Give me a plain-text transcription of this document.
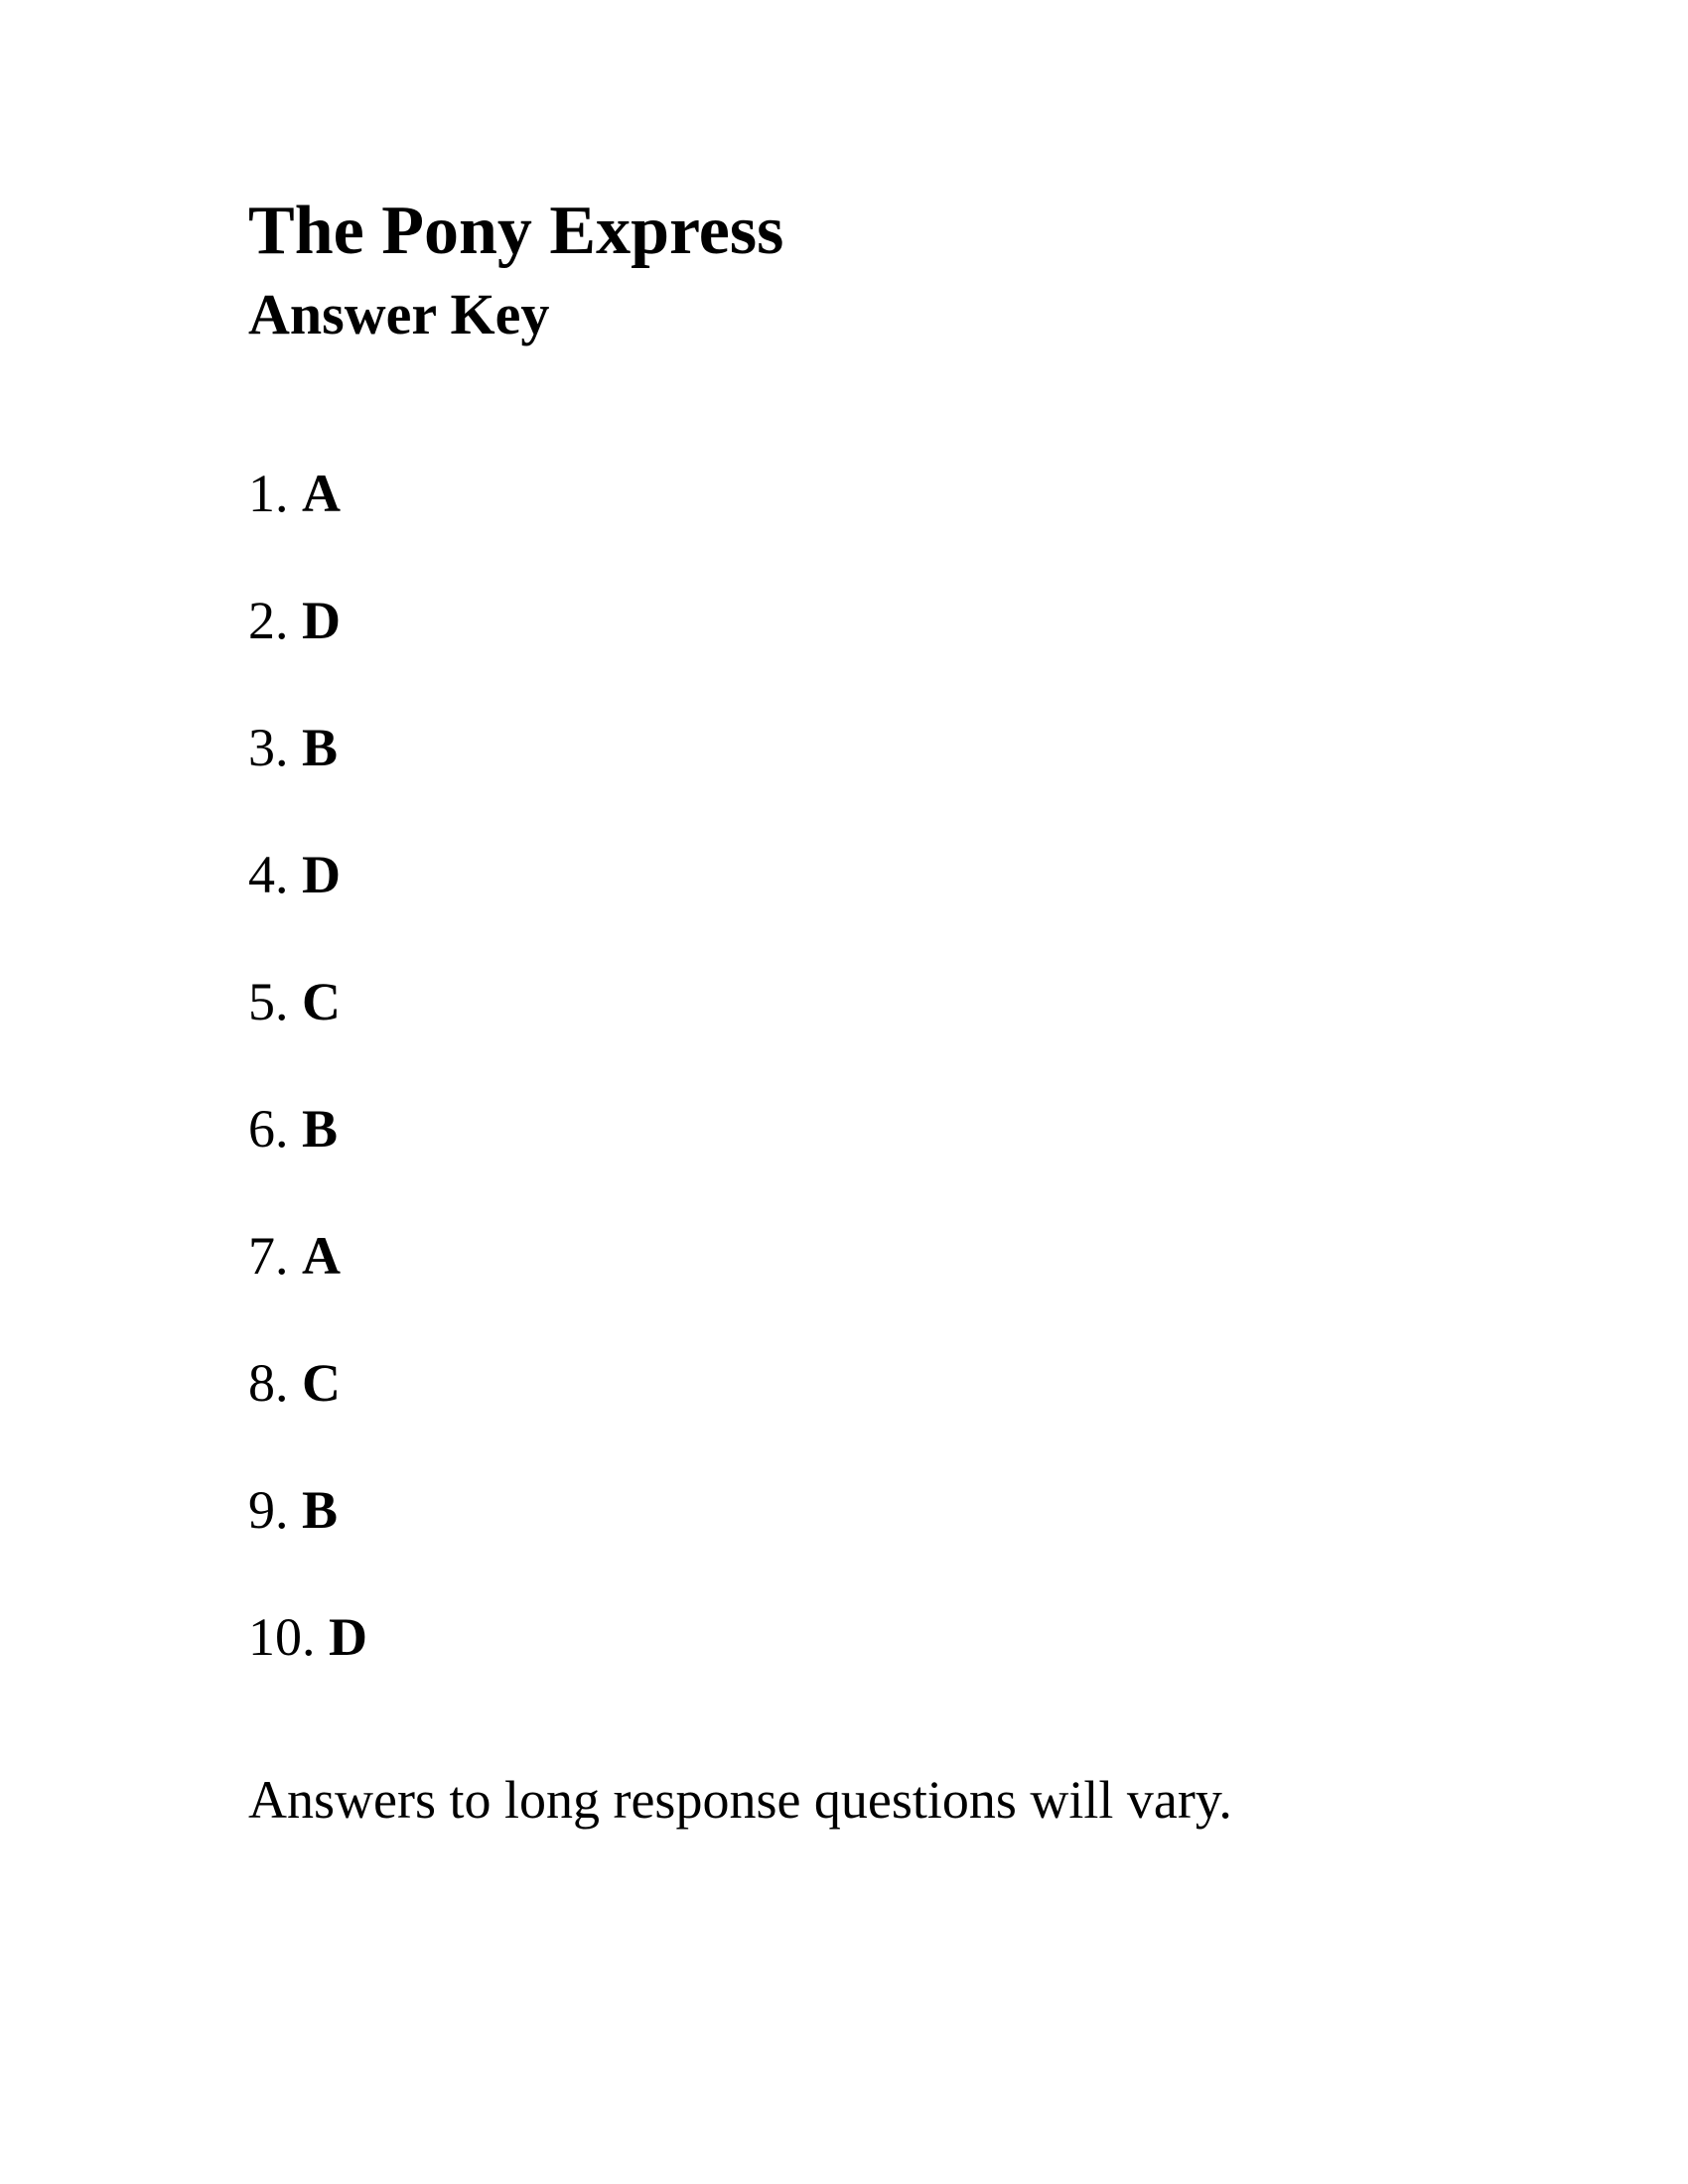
The Pony Express
Answer Key
1. A
2. D
3. B
4. D
5. C
6. B
7. A
8. C
9. B
10. D

Answers to long response questions will vary.
